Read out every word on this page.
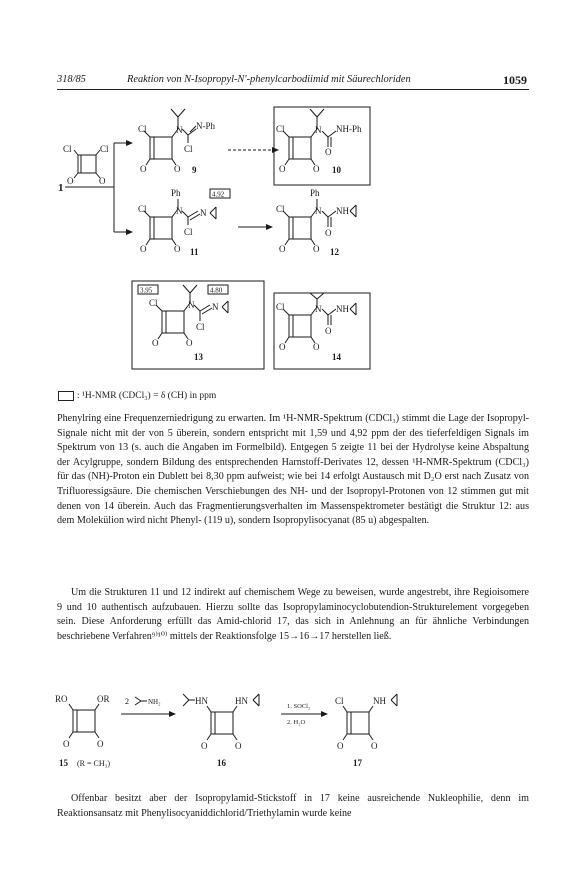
318/85	Reaktion von N-Isopropyl-N'-phenylcarbodiimid mit Säurechloriden	1059
Cl	Cl
O	O
1
Cl	N N-Ph
Cl
O	O 9
Cl	N NH-Ph
O
O	O 10
4.92
Ph
Cl	N N
Cl
O	O 11
Ph
Cl	N NH
O
O	O 12
3.95	4.80
Cl	N N
Cl
O	O
13
Cl	N NH
O
O	O
14
: ¹H-NMR (CDCl₃) = δ (CH) in ppm
Phenylring eine Frequenzerniedrigung zu erwarten. Im ¹H-NMR-Spektrum (CDCl₃) stimmt die Lage der Isopropyl-Signale nicht mit der von 5 überein, sondern entspricht mit 1,59 und 4,92 ppm der des tieferfeldigen Signals im Spektrum von 13 (s. auch die Angaben im Formelbild). Entgegen 5 zeigte 11 bei der Hydrolyse keine Abspaltung der Acylgruppe, sondern Bildung des entsprechenden Harnstoff-Derivates 12, dessen ¹H-NMR-Spektrum (CDCl₃) für das (NH)-Proton ein Dublett bei 8,30 ppm aufweist; wie bei 14 erfolgt Austausch mit D₂O erst nach Zusatz von Trifluoressigsäure. Die chemischen Verschiebungen des NH- und der Isopropyl-Protonen von 12 stimmen gut mit denen von 14 überein. Auch das Fragmentierungsverhalten im Massenspektrometer bestätigt die Struktur 12: aus dem Molekülion wird nicht Phenyl- (119 u), sondern Isopropylisocyanat (85 u) abgespalten.
Um die Strukturen 11 und 12 indirekt auf chemischem Wege zu beweisen, wurde angestrebt, ihre Regioisomere 9 und 10 authentisch aufzubauen. Hierzu sollte das Isopropylaminocyclobutendion-Strukturelement vorgegeben sein. Diese Anforderung erfüllt das Amid-chlorid 17, das sich in Anlehnung an für ähnliche Verbindungen beschriebene Verfahren⁹⁾¹⁰⁾ mittels der Reaktionsfolge 15→16→17 herstellen ließ.
RO	OR
O	O
15 (R = CH₃)
2	NH₂	HN	HN
O	O
16
1. SOCl₂
2. H₂O
Cl	NH
O	O
17
Offenbar besitzt aber der Isopropylamid-Stickstoff in 17 keine ausreichende Nukleophilie, denn im Reaktionsansatz mit Phenylisocyaniddichlorid/Triethylamin wurde keine
